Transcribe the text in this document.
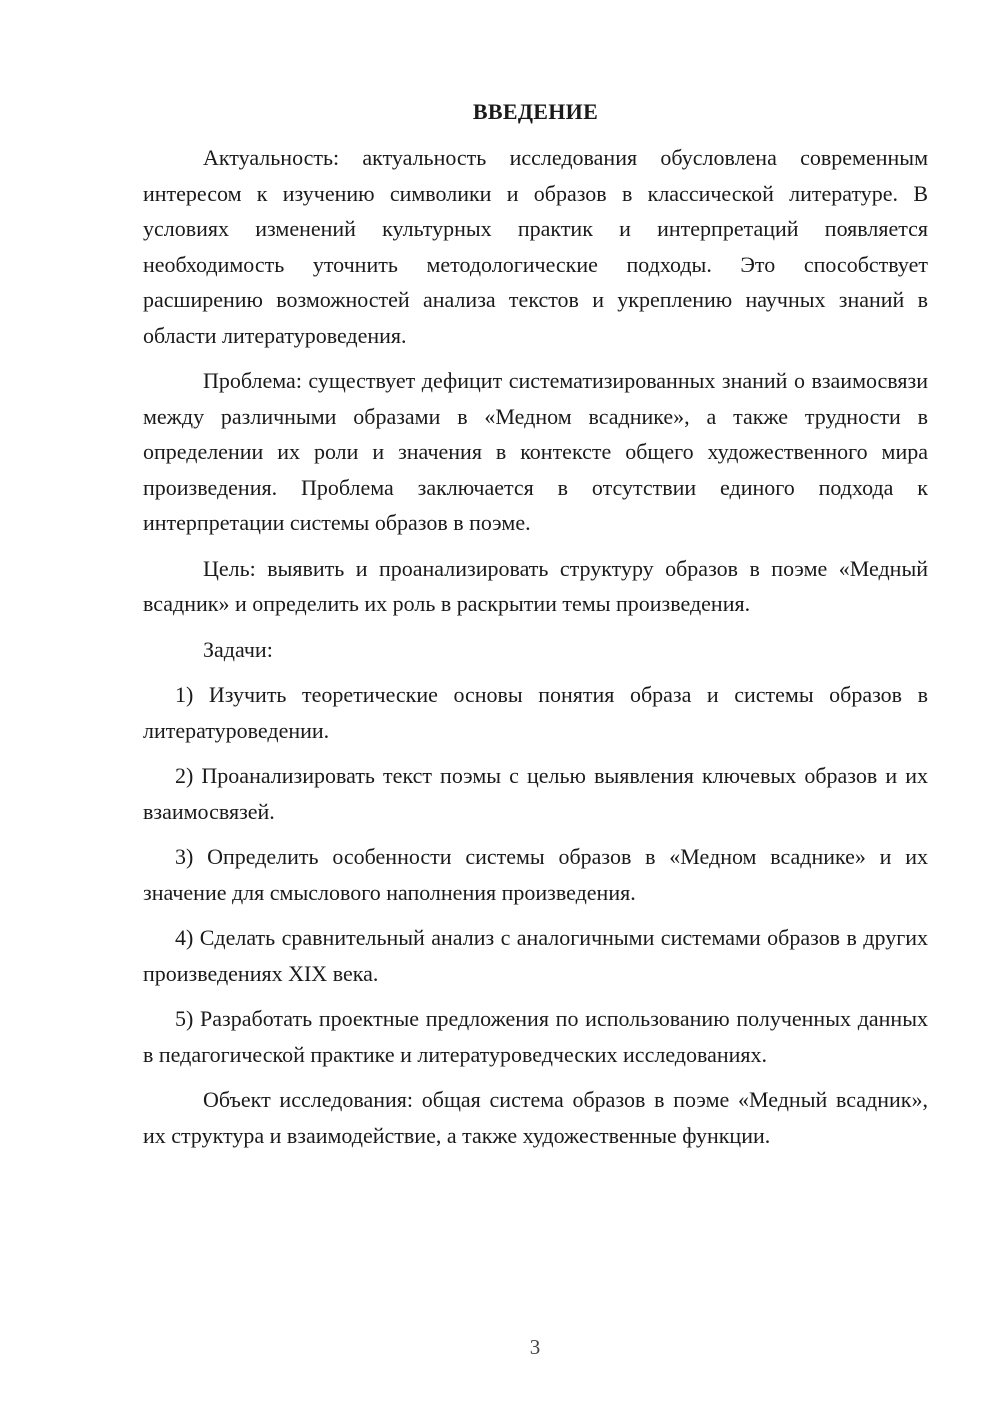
ВВЕДЕНИЕ

Актуальность: актуальность исследования обусловлена современным интересом к изучению символики и образов в классической литературе. В условиях изменений культурных практик и интерпретаций появляется необходимость уточнить методологические подходы. Это способствует расширению возможностей анализа текстов и укреплению научных знаний в области литературоведения.

Проблема: существует дефицит систематизированных знаний о взаимосвязи между различными образами в «Медном всаднике», а также трудности в определении их роли и значения в контексте общего художественного мира произведения. Проблема заключается в отсутствии единого подхода к интерпретации системы образов в поэме.

Цель: выявить и проанализировать структуру образов в поэме «Медный всадник» и определить их роль в раскрытии темы произведения.

Задачи:

1) Изучить теоретические основы понятия образа и системы образов в литературоведении.

2) Проанализировать текст поэмы с целью выявления ключевых образов и их взаимосвязей.

3) Определить особенности системы образов в «Медном всаднике» и их значение для смыслового наполнения произведения.

4) Сделать сравнительный анализ с аналогичными системами образов в других произведениях XIX века.

5) Разработать проектные предложения по использованию полученных данных в педагогической практике и литературоведческих исследованиях.

Объект исследования: общая система образов в поэме «Медный всадник», их структура и взаимодействие, а также художественные функции.

3
